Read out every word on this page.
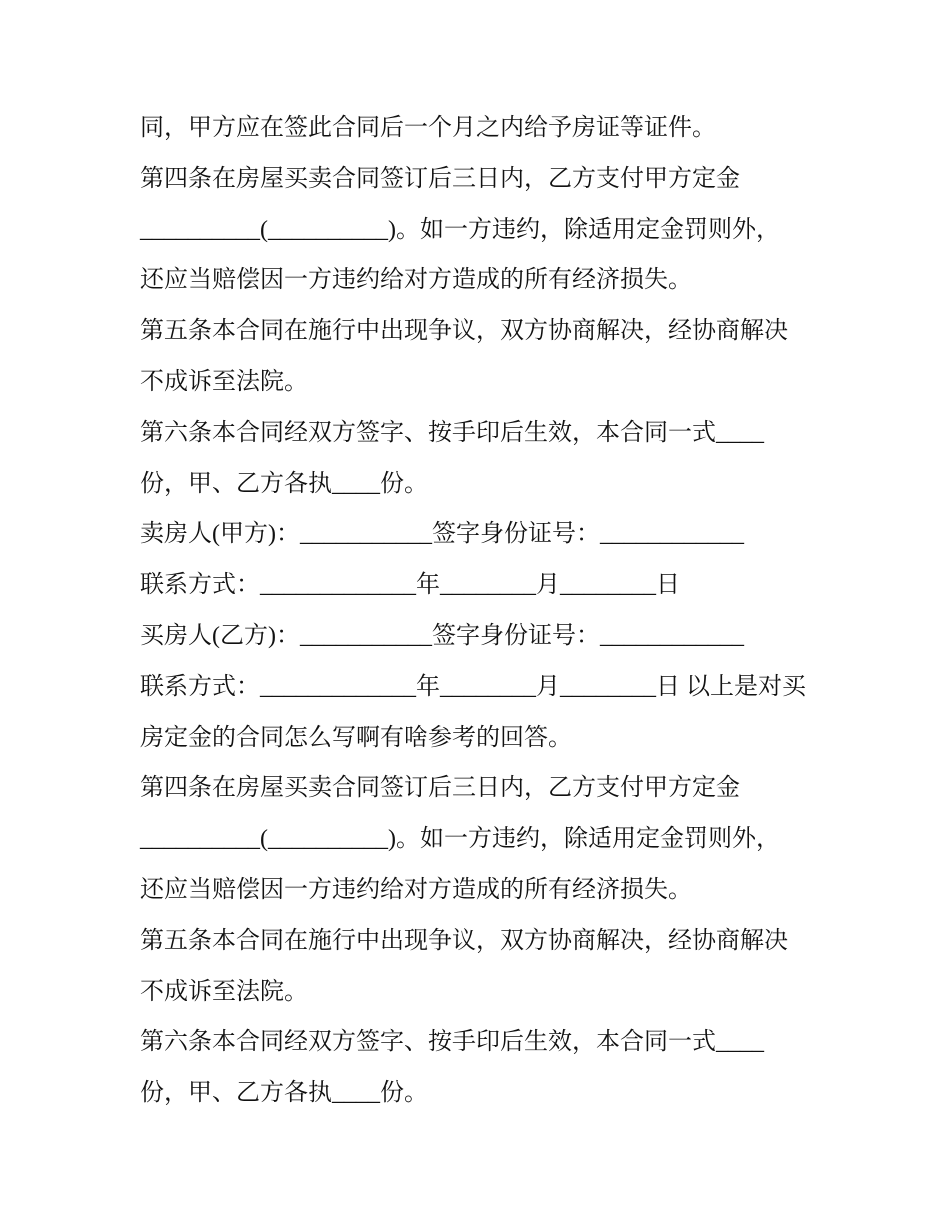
同，甲方应在签此合同后一个月之内给予房证等证件。
第四条在房屋买卖合同签订后三日内，乙方支付甲方定金
__________(__________)。如一方违约，除适用定金罚则外，
还应当赔偿因一方违约给对方造成的所有经济损失。
第五条本合同在施行中出现争议，双方协商解决，经协商解决
不成诉至法院。
第六条本合同经双方签字、按手印后生效，本合同一式____
份，甲、乙方各执____份。
卖房人(甲方)：___________签字身份证号：____________
联系方式：_____________年________月________日
买房人(乙方)：___________签字身份证号：____________
联系方式：_____________年________月________日 以上是对买
房定金的合同怎么写啊有啥参考的回答。
第四条在房屋买卖合同签订后三日内，乙方支付甲方定金
__________(__________)。如一方违约，除适用定金罚则外，
还应当赔偿因一方违约给对方造成的所有经济损失。
第五条本合同在施行中出现争议，双方协商解决，经协商解决
不成诉至法院。
第六条本合同经双方签字、按手印后生效，本合同一式____
份，甲、乙方各执____份。
